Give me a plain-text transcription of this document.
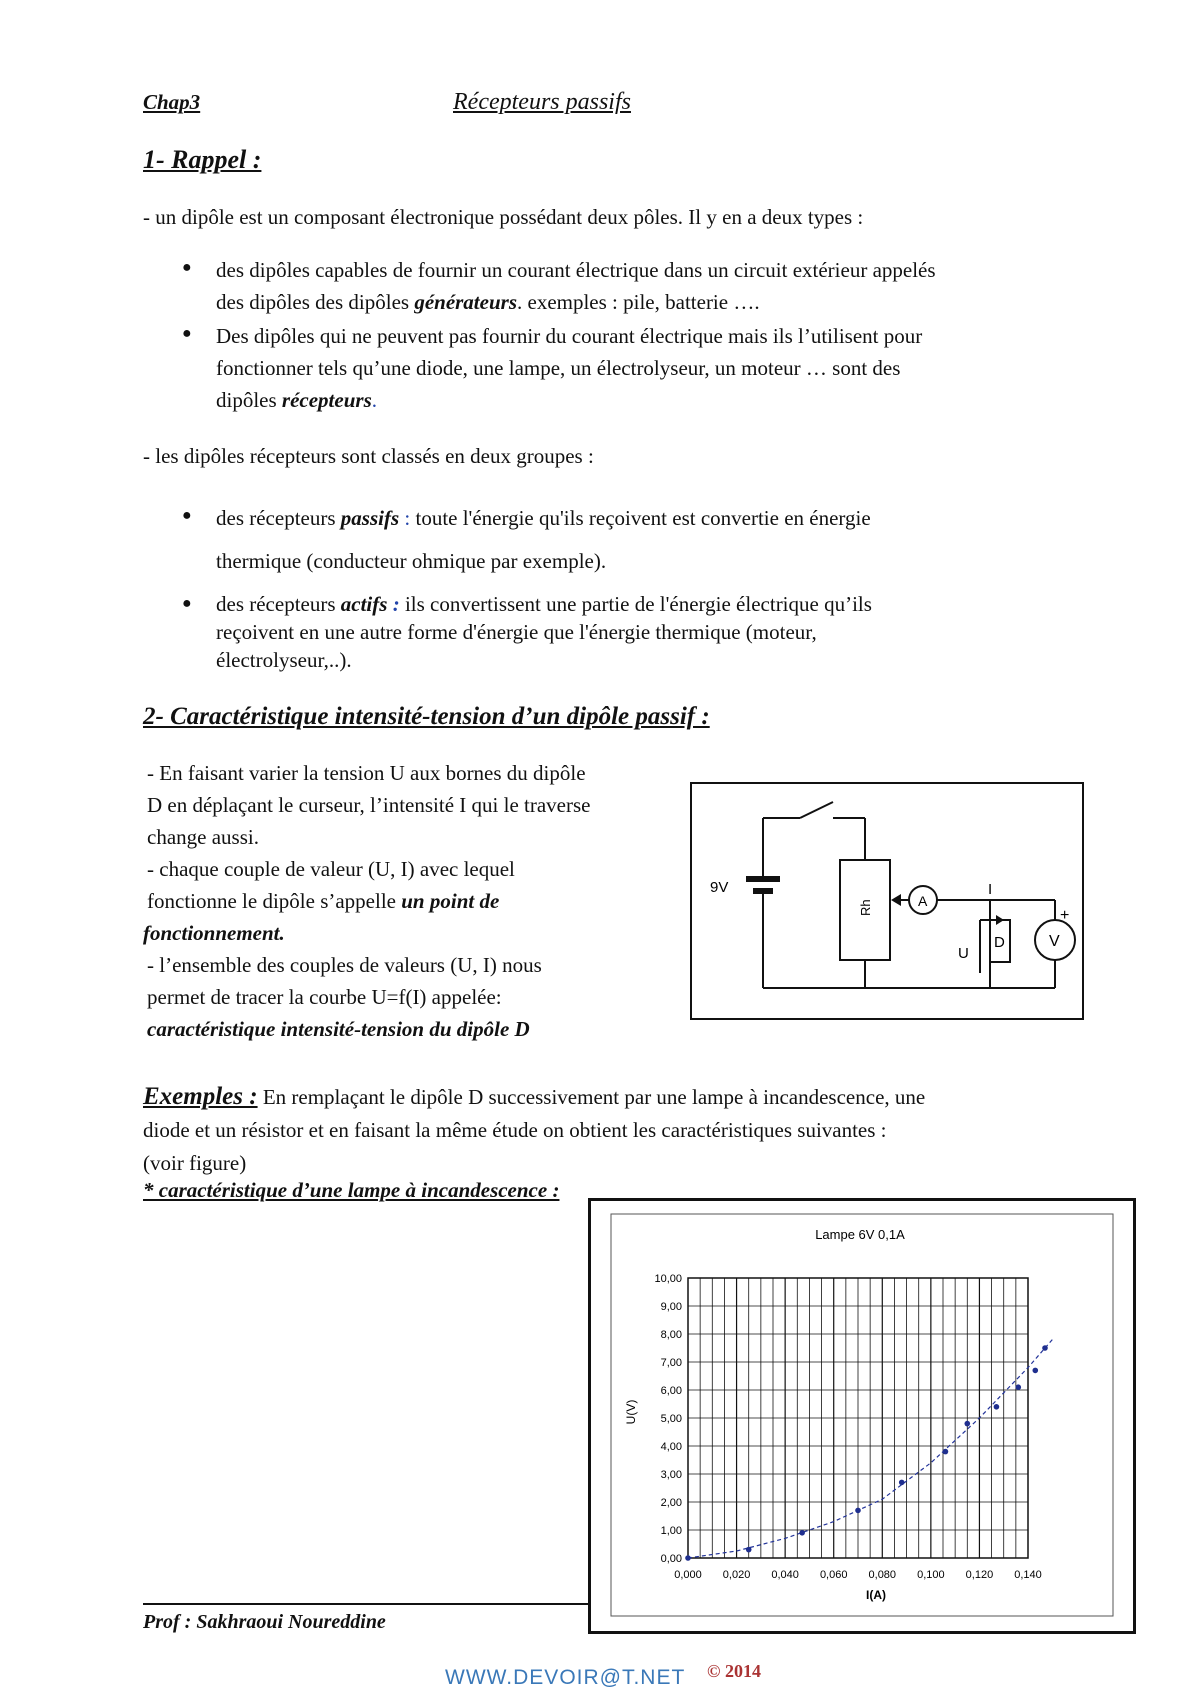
Chap3	Récepteurs passifs
1- Rappel :
- un dipôle est un composant électronique possédant deux pôles. Il y en a deux types :
● des dipôles capables de fournir un courant électrique dans un circuit extérieur appelés
des dipôles des dipôles générateurs. exemples : pile, batterie ….
● Des dipôles qui ne peuvent pas fournir du courant électrique mais ils l’utilisent pour
fonctionner tels qu’une diode, une lampe, un électrolyseur, un moteur … sont des
dipôles récepteurs.
- les dipôles récepteurs sont classés en deux groupes :
● des récepteurs passifs : toute l'énergie qu'ils reçoivent est convertie en énergie
thermique (conducteur ohmique par exemple).
● des récepteurs actifs : ils convertissent une partie de l'énergie électrique qu’ils
reçoivent en une autre forme d'énergie que l'énergie thermique (moteur,
électrolyseur,..).
2- Caractéristique intensité-tension d’un dipôle passif :
- En faisant varier la tension U aux bornes du dipôle
D en déplaçant le curseur, l’intensité I qui le traverse
change aussi.
- chaque couple de valeur (U, I) avec lequel
fonctionne le dipôle s’appelle un point de
fonctionnement.
- l’ensemble des couples de valeurs (U, I) nous
permet de tracer la courbe U=f(I) appelée:
caractéristique intensité-tension du dipôle D
9V
Rh	A
V
I
U
D
+
Exemples : En remplaçant le dipôle D successivement par une lampe à incandescence, une
diode et un résistor et en faisant la même étude on obtient les caractéristiques suivantes :
(voir figure)
* caractéristique d’une lampe à incandescence :
Lampe 6V 0,1A
0,00
1,00
2,00
3,00
4,00
5,00
6,00
7,00
8,00
9,00
10,00
0,000 0,020 0,040 0,060 0,080 0,100 0,120 0,140
U(V)
I(A)
Prof : Sakhraoui Noureddine
WWW.DEVOIR@T.NET © 2014
